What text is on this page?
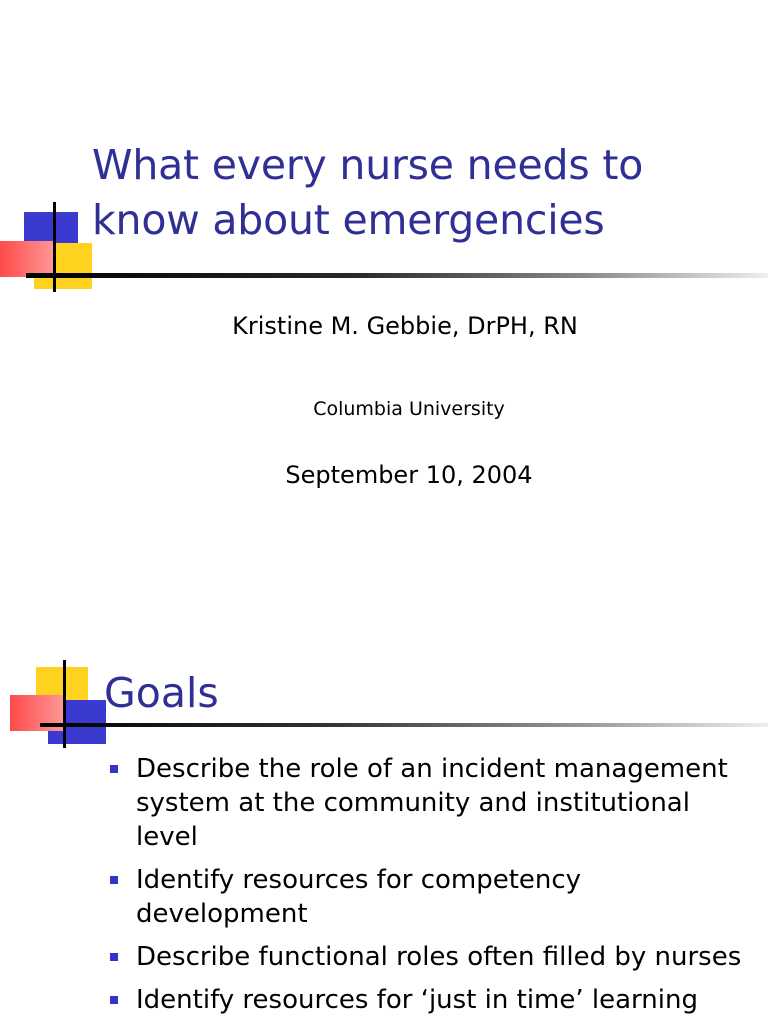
What every nurse needs to know about emergencies
Kristine M. Gebbie, DrPH, RN
Columbia University
September 10, 2004
Goals
Describe the role of an incident management system at the community and institutional level
Identify resources for competency development
Describe functional roles often filled by nurses
Identify resources for ‘just in time’ learning
